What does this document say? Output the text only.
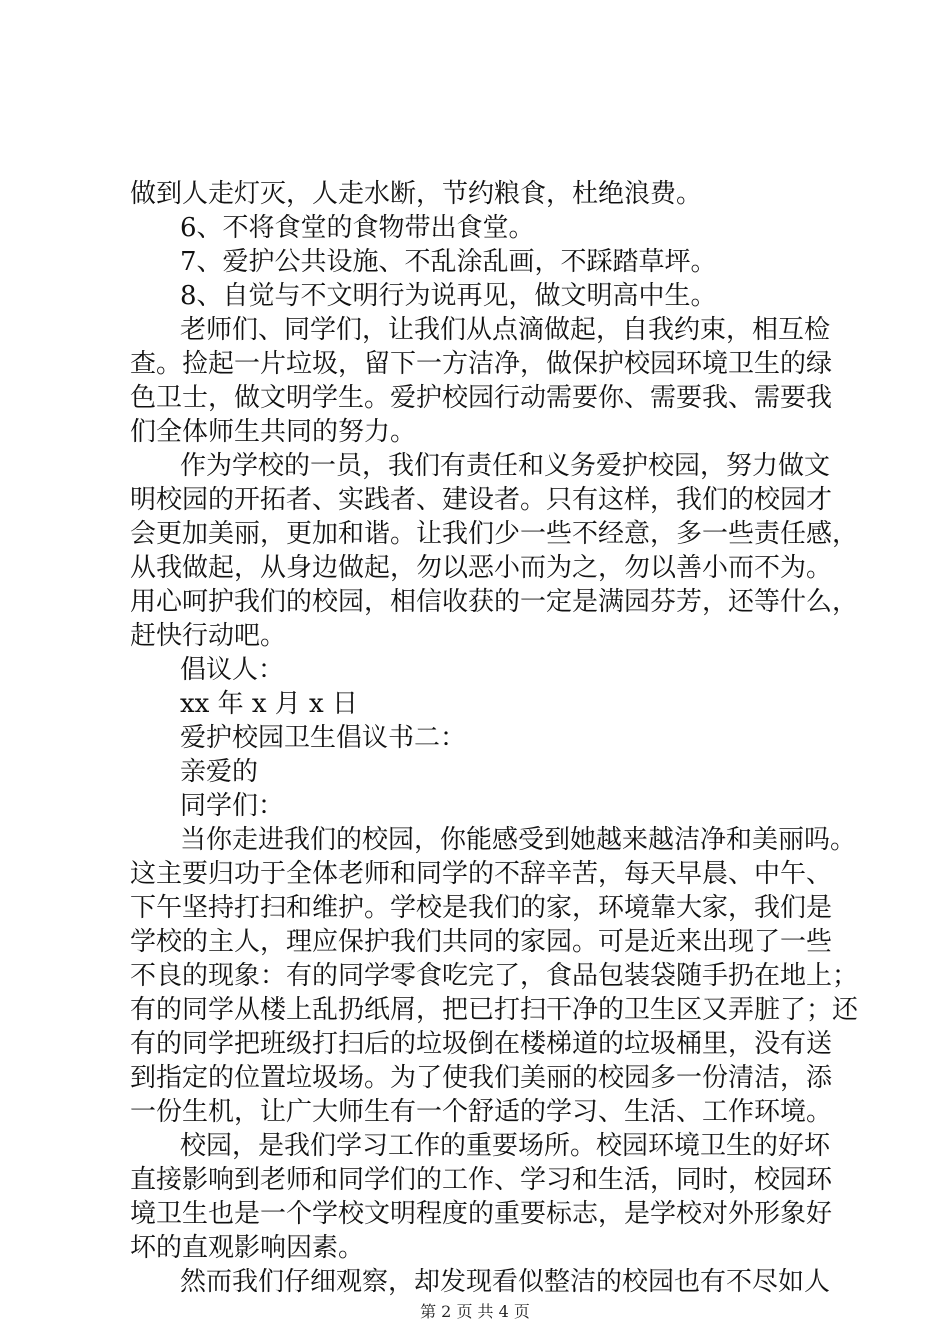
做到人走灯灭，人走水断，节约粮食，杜绝浪费。
6、不将食堂的食物带出食堂。
7、爱护公共设施、不乱涂乱画，不踩踏草坪。
8、自觉与不文明行为说再见，做文明高中生。
老师们、同学们，让我们从点滴做起，自我约束，相互检
查。捡起一片垃圾，留下一方洁净，做保护校园环境卫生的绿
色卫士，做文明学生。爱护校园行动需要你、需要我、需要我
们全体师生共同的努力。
作为学校的一员，我们有责任和义务爱护校园，努力做文
明校园的开拓者、实践者、建设者。只有这样，我们的校园才
会更加美丽，更加和谐。让我们少一些不经意，多一些责任感，
从我做起，从身边做起，勿以恶小而为之，勿以善小而不为。
用心呵护我们的校园，相信收获的一定是满园芬芳，还等什么，
赶快行动吧。
倡议人：
xx 年 x 月 x 日
爱护校园卫生倡议书二：
亲爱的
同学们：
当你走进我们的校园，你能感受到她越来越洁净和美丽吗。
这主要归功于全体老师和同学的不辞辛苦，每天早晨、中午、
下午坚持打扫和维护。学校是我们的家，环境靠大家，我们是
学校的主人，理应保护我们共同的家园。可是近来出现了一些
不良的现象：有的同学零食吃完了，食品包装袋随手扔在地上；
有的同学从楼上乱扔纸屑，把已打扫干净的卫生区又弄脏了；还
有的同学把班级打扫后的垃圾倒在楼梯道的垃圾桶里，没有送
到指定的位置垃圾场。为了使我们美丽的校园多一份清洁，添
一份生机，让广大师生有一个舒适的学习、生活、工作环境。
校园，是我们学习工作的重要场所。校园环境卫生的好坏
直接影响到老师和同学们的工作、学习和生活，同时，校园环
境卫生也是一个学校文明程度的重要标志，是学校对外形象好
坏的直观影响因素。
然而我们仔细观察，却发现看似整洁的校园也有不尽如人
第 2 页 共 4 页
